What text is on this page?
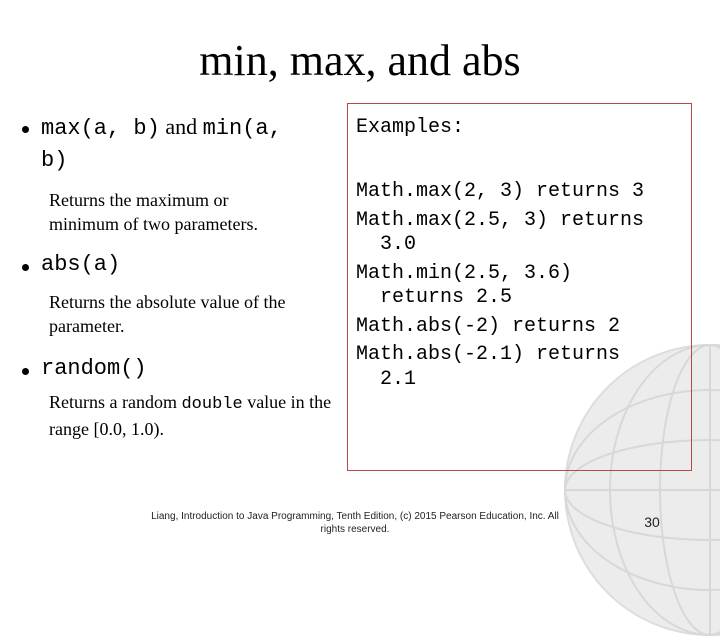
min, max, and abs
max(a, b) and min(a,
b)
Returns the maximum or minimum of two parameters.
abs(a)
Returns the absolute value of the parameter.
random()
Returns a random double value in the range [0.0, 1.0).
Examples:
Math.max(2, 3) returns 3
Math.max(2.5, 3) returns
3.0
Math.min(2.5, 3.6)
returns 2.5
Math.abs(-2) returns 2
Math.abs(-2.1) returns
2.1
Liang, Introduction to Java Programming, Tenth Edition, (c) 2015 Pearson Education, Inc. All
rights reserved.	30
